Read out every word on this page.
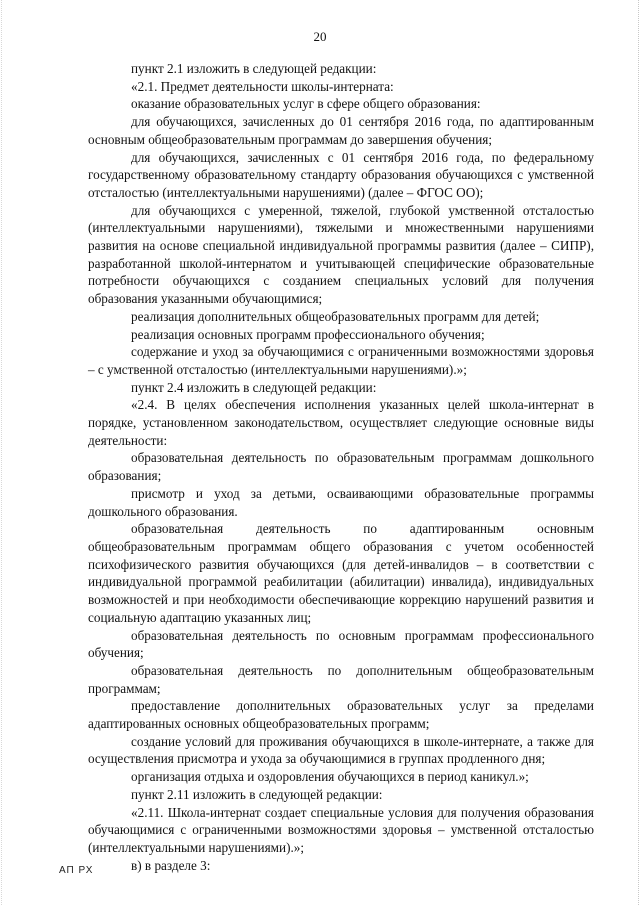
20

пункт 2.1 изложить в следующей редакции:

«2.1. Предмет деятельности школы-интерната:

оказание образовательных услуг в сфере общего образования:

для обучающихся, зачисленных до 01 сентября 2016 года, по адаптированным основным общеобразовательным программам до завершения обучения;

для обучающихся, зачисленных с 01 сентября 2016 года, по федеральному государственному образовательному стандарту образования обучающихся с умственной отсталостью (интеллектуальными нарушениями) (далее – ФГОС ОО);

для обучающихся с умеренной, тяжелой, глубокой умственной отсталостью (интеллектуальными нарушениями), тяжелыми и множественными нарушениями развития на основе специальной индивидуальной программы развития (далее – СИПР), разработанной школой-интернатом и учитывающей специфические образовательные потребности обучающихся с созданием специальных условий для получения образования указанными обучающимися;

реализация дополнительных общеобразовательных программ для детей;

реализация основных программ профессионального обучения;

содержание и уход за обучающимися с ограниченными возможностями здоровья – с умственной отсталостью (интеллектуальными нарушениями).»;

пункт 2.4 изложить в следующей редакции:

«2.4. В целях обеспечения исполнения указанных целей школа-интернат в порядке, установленном законодательством, осуществляет следующие основные виды деятельности:

образовательная деятельность по образовательным программам дошкольного образования;

присмотр и уход за детьми, осваивающими образовательные программы дошкольного образования.

образовательная деятельность по адаптированным основным общеобразовательным программам общего образования с учетом особенностей психофизического развития обучающихся (для детей-инвалидов – в соответствии с индивидуальной программой реабилитации (абилитации) инвалида), индивидуальных возможностей и при необходимости обеспечивающие коррекцию нарушений развития и социальную адаптацию указанных лиц;

образовательная деятельность по основным программам профессионального обучения;

образовательная деятельность по дополнительным общеобразовательным программам;

предоставление дополнительных образовательных услуг за пределами адаптированных основных общеобразовательных программ;

создание условий для проживания обучающихся в школе-интернате, а также для осуществления присмотра и ухода за обучающимися в группах продленного дня;

организация отдыха и оздоровления обучающихся в период каникул.»;

пункт 2.11 изложить в следующей редакции:

«2.11. Школа-интернат создает специальные условия для получения образования обучающимися с ограниченными возможностями здоровья – умственной отсталостью (интеллектуальными нарушениями).»;

в) в разделе 3:

АП РХ
